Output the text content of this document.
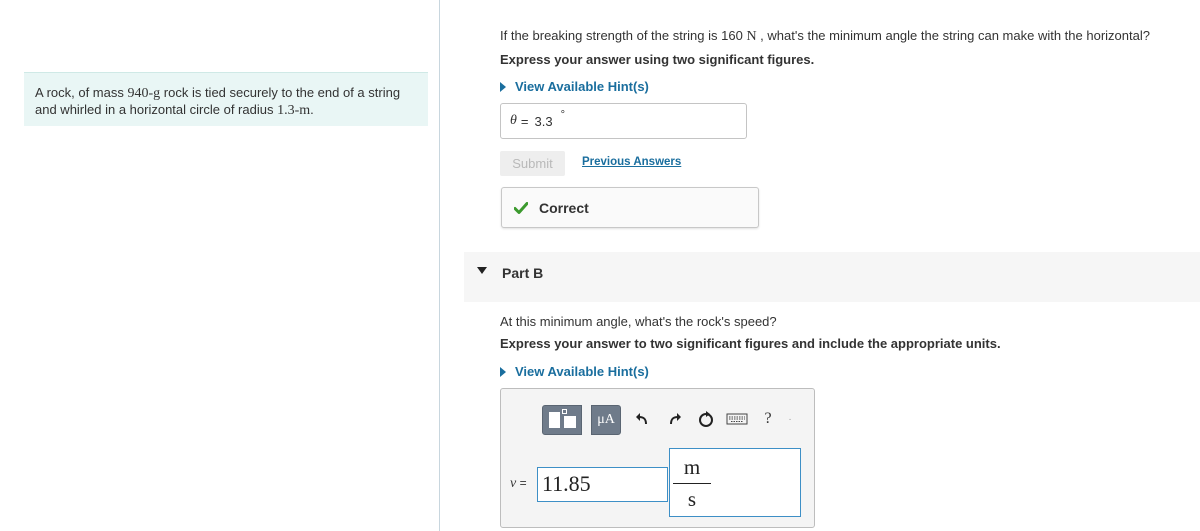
A rock, of mass 940-g rock is tied securely to the end of a string and whirled in a horizontal circle of radius 1.3-m.
If the breaking strength of the string is 160 N , what's the minimum angle the string can make with the horizontal?
Express your answer using two significant figures.
View Available Hint(s)
θ = 3.3 °
Submit	Previous Answers
Correct
Part B
At this minimum angle, what's the rock's speed?
Express your answer to two significant figures and include the appropriate units.
View Available Hint(s)
μA	?	·
v = 11.85
m
s
